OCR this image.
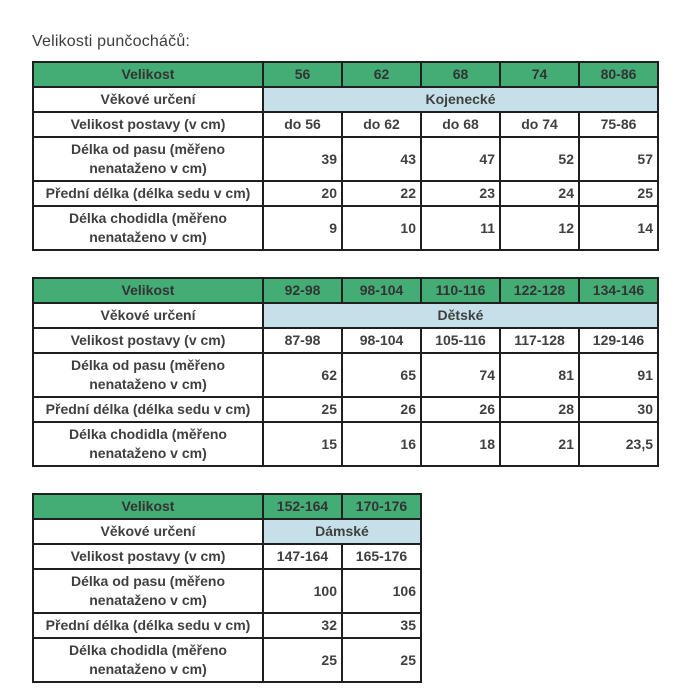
Velikosti punčocháčů:

Velikost	56	62	68	74	80-86
Věkové určení	Kojenecké				
Velikost postavy (v cm)	do 56	do 62	do 68	do 74	75-86
Délka od pasu (měřeno
nenataženo v cm)	39	43	47	52	57
Přední délka (délka sedu v cm)	20	22	23	24	25
Délka chodidla (měřeno
nenataženo v cm)	9	10	11	12	14
Velikost	92-98	98-104	110-116	122-128	134-146
Věkové určení	Dětské				
Velikost postavy (v cm)	87-98	98-104	105-116	117-128	129-146
Délka od pasu (měřeno
nenataženo v cm)	62	65	74	81	91
Přední délka (délka sedu v cm)	25	26	26	28	30
Délka chodidla (měřeno
nenataženo v cm)	15	16	18	21	23,5
Velikost	152-164	170-176
Věkové určení	Dámské	
Velikost postavy (v cm)	147-164	165-176
Délka od pasu (měřeno
nenataženo v cm)	100	106
Přední délka (délka sedu v cm)	32	35
Délka chodidla (měřeno
nenataženo v cm)	25	25
